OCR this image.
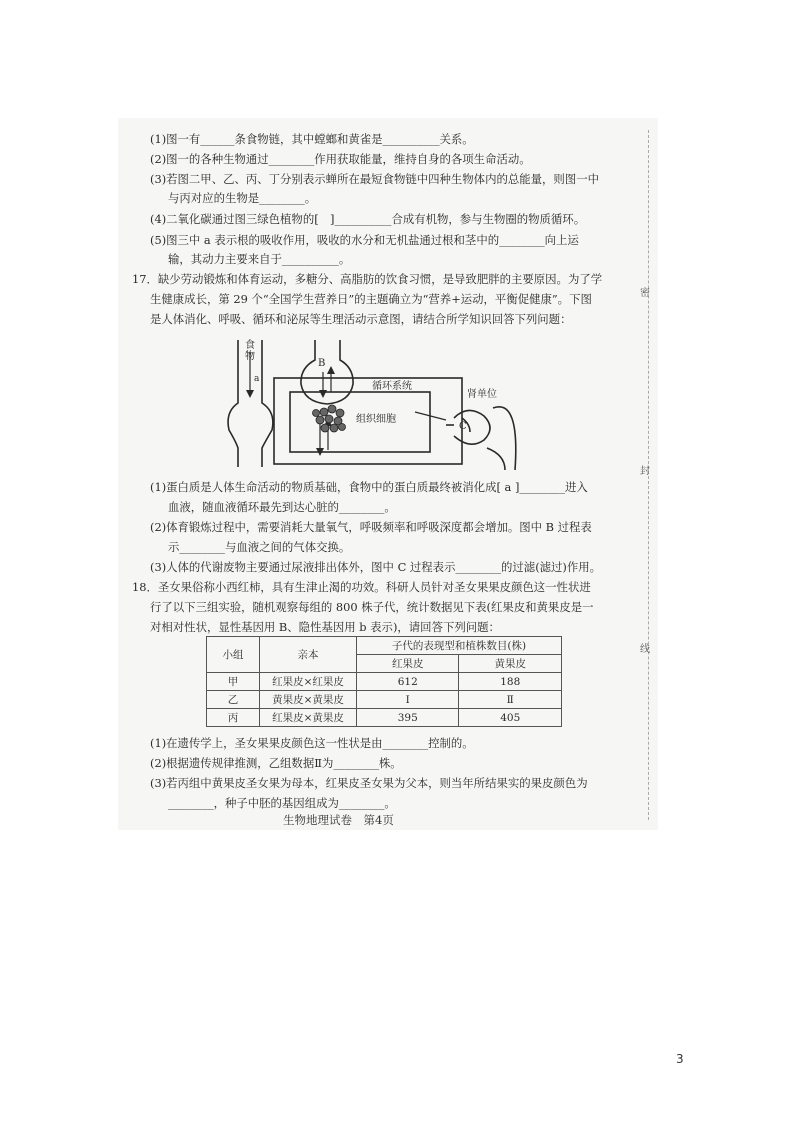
密
封
线
(1)图一有______条食物链，其中螳螂和黄雀是__________关系。
(2)图一的各种生物通过________作用获取能量，维持自身的各项生命活动。
(3)若图二甲、乙、丙、丁分别表示蝉所在最短食物链中四种生物体内的总能量，则图一中
与丙对应的生物是________。
(4)二氧化碳通过图三绿色植物的[　]__________合成有机物，参与生物圈的物质循环。
(5)图三中 a 表示根的吸收作用，吸收的水分和无机盐通过根和茎中的________向上运
输，其动力主要来自于__________。
17．缺少劳动锻炼和体育运动，多糖分、高脂肪的饮食习惯，是导致肥胖的主要原因。为了学
生健康成长，第 29 个“全国学生营养日”的主题确立为“营养+运动，平衡促健康”。下图
是人体消化、呼吸、循环和泌尿等生理活动示意图，请结合所学知识回答下列问题：
食物
a
B
C
循环系统
组织细胞
肾单位
(1)蛋白质是人体生命活动的物质基础，食物中的蛋白质最终被消化成[ a ]________进入
血液，随血液循环最先到达心脏的________。
(2)体育锻炼过程中，需要消耗大量氧气，呼吸频率和呼吸深度都会增加。图中 B 过程表
示________与血液之间的气体交换。
(3)人体的代谢废物主要通过尿液排出体外，图中 C 过程表示________的过滤(滤过)作用。
18．圣女果俗称小西红柿，具有生津止渴的功效。科研人员针对圣女果果皮颜色这一性状进
行了以下三组实验，随机观察每组的 800 株子代，统计数据见下表(红果皮和黄果皮是一
对相对性状，显性基因用 B、隐性基因用 b 表示)，请回答下列问题：
小组	亲本	子代的表现型和植株数目(株)	
		红果皮	黄果皮
甲	红果皮×红果皮	612	188
乙	黄果皮×黄果皮	Ⅰ	Ⅱ
丙	红果皮×黄果皮	395	405
(1)在遗传学上，圣女果果皮颜色这一性状是由________控制的。
(2)根据遗传规律推测，乙组数据Ⅱ为________株。
(3)若丙组中黄果皮圣女果为母本，红果皮圣女果为父本，则当年所结果实的果皮颜色为
________，种子中胚的基因组成为________。
生物地理试卷　第4页
3
